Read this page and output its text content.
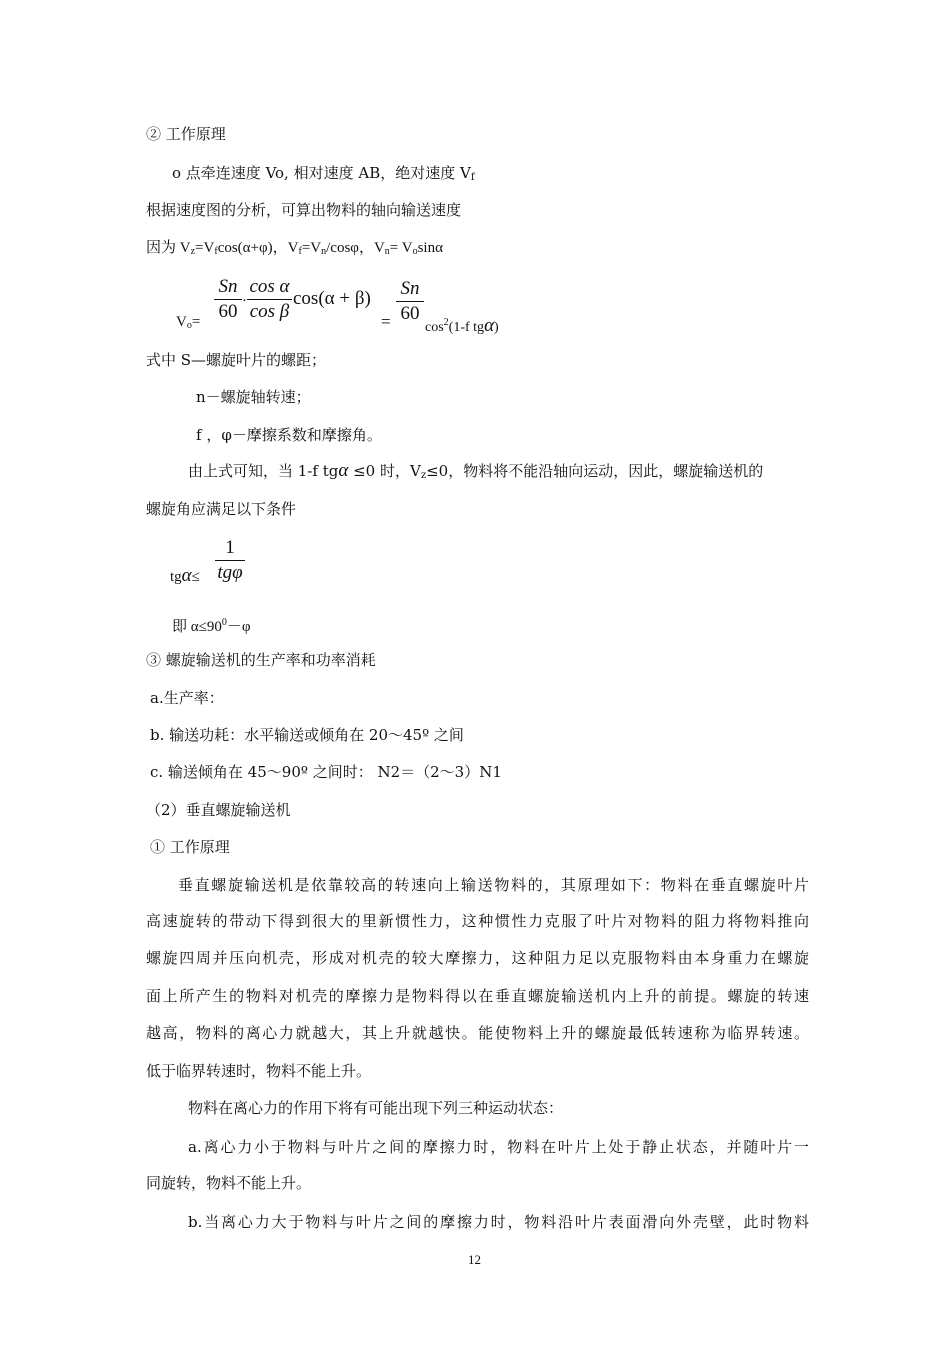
② 工作原理
o 点牵连速度 Vo, 相对速度 AB，绝对速度 $V_f$
根据速度图的分析，可算出物料的轴向输送速度
因为 $V_z=V_f\cos(\alpha+\varphi)$，$V_f=V_n$/cosφ，$V_n= V_o\sin\alpha$
$V_o=$
Sn
60 ·
cos α
cos β
cos(α + β)
=
Sn
60
$\cos^2(1-f$ tgα)
式中 S—螺旋叶片的螺距；
n－螺旋轴转速；
f ，φ－摩擦系数和摩擦角。
由上式可知，当 1-f tgα ≤0 时，$V_z\le 0$，物料将不能沿轴向运动，因此，螺旋输送机的
螺旋角应满足以下条件
tgα≤
1
tgφ
即 $\alpha\le 90^0-\varphi$
③ 螺旋输送机的生产率和功率消耗
a.生产率：
b. 输送功耗：水平输送或倾角在 20～45º 之间
c. 输送倾角在 45～90º 之间时： N2＝（2～3）N1
（2）垂直螺旋输送机
① 工作原理
垂直螺旋输送机是依靠较高的转速向上输送物料的，其原理如下：物料在垂直螺旋叶片
高速旋转的带动下得到很大的里新惯性力，这种惯性力克服了叶片对物料的阻力将物料推向
螺旋四周并压向机壳，形成对机壳的较大摩擦力，这种阻力足以克服物料由本身重力在螺旋
面上所产生的物料对机壳的摩擦力是物料得以在垂直螺旋输送机内上升的前提。螺旋的转速
越高，物料的离心力就越大，其上升就越快。能使物料上升的螺旋最低转速称为临界转速。
低于临界转速时，物料不能上升。
物料在离心力的作用下将有可能出现下列三种运动状态：
a.离心力小于物料与叶片之间的摩擦力时，物料在叶片上处于静止状态，并随叶片一
同旋转，物料不能上升。
b.当离心力大于物料与叶片之间的摩擦力时，物料沿叶片表面滑向外壳壁，此时物料
12
